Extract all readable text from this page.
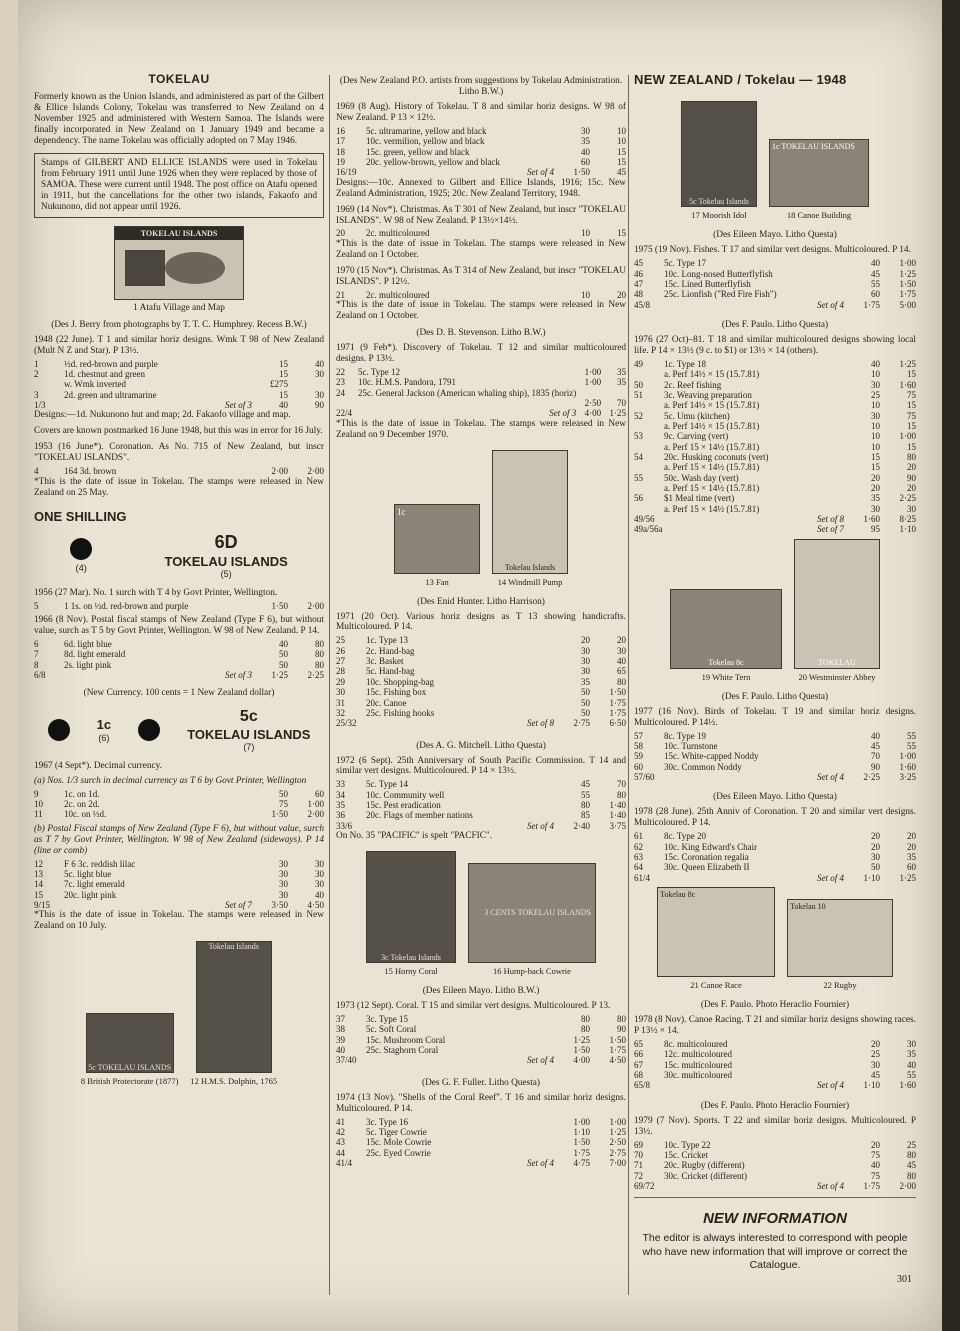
TOKELAU

Formerly known as the Union Islands, and administered as part of the Gilbert & Ellice Islands Colony, Tokelau was transferred to New Zealand on 4 November 1925 and administered with Western Samoa. The Islands were finally incorporated in New Zealand on 1 January 1949 and became a dependency. The name Tokelau was officially adopted on 7 May 1946.

Stamps of GILBERT AND ELLICE ISLANDS were used in Tokelau from February 1911 until June 1926 when they were replaced by those of SAMOA. These were current until 1948. The post office on Atafu opened in 1911, but the cancellations for the other two islands, Fakaofo and Nukunono, did not appear until 1926.

TOKELAU ISLANDS
1 Atafu Village and Map
(Des J. Berry from photographs by T. T. C. Humphrey. Recess B.W.)

1948 (22 June). T 1 and similar horiz designs. Wmk T 98 of New Zealand (Mult N Z and Star). P 13½.

1	½d. red-brown and purple	15	40
2	1d. chestnut and green	15	30
	w. Wmk inverted	£275	
3	2d. green and ultramarine	15	30
1/3	Set of 3	40	90

Designs:—1d. Nukunono hut and map; 2d. Fakaofo village and map.

Covers are known postmarked 16 June 1948, but this was in error for 16 July.

1953 (16 June*). Coronation. As No. 715 of New Zealand, but inscr "TOKELAU ISLANDS".

4	164 3d. brown	2·00	2·00

*This is the date of issue in Tokelau. The stamps were released in New Zealand on 25 May.

ONE SHILLING
(4)
6D
TOKELAU ISLANDS
(5)

1956 (27 Mar). No. 1 surch with T 4 by Govt Printer, Wellington.

5	1 1s. on ½d. red-brown and purple	1·50	2·00

1966 (8 Nov). Postal fiscal stamps of New Zealand (Type F 6), but without value, surch as T 5 by Govt Printer, Wellington. W 98 of New Zealand. P 14.

6	6d. light blue	40	80
7	8d. light emerald	50	80
8	2s. light pink	50	80
6/8	Set of 3	1·25	2·25
(New Currency. 100 cents = 1 New Zealand dollar)
1c
(6)
5c
TOKELAU ISLANDS
(7)

1967 (4 Sept*). Decimal currency.

(a) Nos. 1/3 surch in decimal currency as T 6 by Govt Printer, Wellington

9	1c. on 1d.	50	60
10	2c. on 2d.	75	1·00
11	10c. on ½d.	1·50	2·00

(b) Postal Fiscal stamps of New Zealand (Type F 6), but without value, surch as T 7 by Govt Printer, Wellington. W 98 of New Zealand (sideways). P 14 (line or comb)

12	F 6 3c. reddish lilac	30	30
13	5c. light blue	30	30
14	7c. light emerald	30	30
15	20c. light pink	30	40
9/15	Set of 7	3·50	4·50

*This is the date of issue in Tokelau. The stamps were released in New Zealand on 10 July.

5c TOKELAU ISLANDS
8 British Protectorate (1877)
Tokelau Islands
12 H.M.S. Dolphin, 1765
(Des New Zealand P.O. artists from suggestions by Tokelau Administration. Litho B.W.)

1969 (8 Aug). History of Tokelau. T 8 and similar horiz designs. W 98 of New Zealand. P 13 × 12½.

16	5c. ultramarine, yellow and black	30	10
17	10c. vermilion, yellow and black	35	10
18	15c. green, yellow and black	40	15
19	20c. yellow-brown, yellow and black	60	15
16/19	Set of 4	1·50	45

Designs:—10c. Annexed to Gilbert and Ellice Islands, 1916; 15c. New Zealand Administration, 1925; 20c. New Zealand Territory, 1948.

1969 (14 Nov*). Christmas. As T 301 of New Zealand, but inscr "TOKELAU ISLANDS". W 98 of New Zealand. P 13½×14½.

20	2c. multicoloured	10	15

*This is the date of issue in Tokelau. The stamps were released in New Zealand on 1 October.

1970 (15 Nov*). Christmas. As T 314 of New Zealand, but inscr "TOKELAU ISLANDS". P 12½.

21	2c. multicoloured	10	20

*This is the date of issue in Tokelau. The stamps were released in New Zealand on 1 October.

(Des D. B. Stevenson. Litho B.W.)

1971 (9 Feb*). Discovery of Tokelau. T 12 and similar multicoloured designs. P 13½.

22	5c. Type 12	1·00	35
23	10c. H.M.S. Pandora, 1791	1·00	35
24	25c. General Jackson (American whaling ship), 1835 (horiz)		
		2·50	70
22/4	Set of 3	4·00	1·25

*This is the date of issue in Tokelau. The stamps were released in New Zealand on 9 December 1970.

1c
13 Fan
Tokelau Islands
14 Windmill Pump
(Des Enid Hunter. Litho Harrison)

1971 (20 Oct). Various horiz designs as T 13 showing handicrafts. Multicoloured. P 14.

25	1c. Type 13	20	20
26	2c. Hand-bag	30	30
27	3c. Basket	30	40
28	5c. Hand-bag	30	65
29	10c. Shopping-bag	35	80
30	15c. Fishing box	50	1·50
31	20c. Canoe	50	1·75
32	25c. Fishing hooks	50	1·75
25/32	Set of 8	2·75	6·50
(Des A. G. Mitchell. Litho Questa)

1972 (6 Sept). 25th Anniversary of South Pacific Commission. T 14 and similar vert designs. Multicoloured. P 14 × 13½.

33	5c. Type 14	45	70
34	10c. Community well	55	80
35	15c. Pest eradication	80	1·40
36	20c. Flags of member nations	85	1·40
33/6	Set of 4	2·40	3·75

On No. 35 "PACIFIC" is spelt "PACFIC".

3c Tokelau Islands
15 Horny Coral
3 CENTS TOKELAU ISLANDS
16 Hump-back Cowrie
(Des Eileen Mayo. Litho B.W.)

1973 (12 Sept). Coral. T 15 and similar vert designs. Multicoloured. P 13.

37	3c. Type 15	80	80
38	5c. Soft Coral	80	90
39	15c. Mushroom Coral	1·25	1·50
40	25c. Staghorn Coral	1·50	1·75
37/40	Set of 4	4·00	4·50
(Des G. F. Fuller. Litho Questa)

1974 (13 Nov). "Shells of the Coral Reef". T 16 and similar horiz designs. Multicoloured. P 14.

41	3c. Type 16	1·00	1·00
42	5c. Tiger Cowrie	1·10	1·25
43	15c. Mole Cowrie	1·50	2·50
44	25c. Eyed Cowrie	1·75	2·75
41/4	Set of 4	4·75	7·00
NEW ZEALAND / Tokelau — 1948
5c Tokelau Islands
17 Moorish Idol
1c TOKELAU ISLANDS
18 Canoe Building
(Des Eileen Mayo. Litho Questa)

1975 (19 Nov). Fishes. T 17 and similar vert designs. Multicoloured. P 14.

45	5c. Type 17	40	1·00
46	10c. Long-nosed Butterflyfish	45	1·25
47	15c. Lined Butterflyfish	55	1·50
48	25c. Lionfish ("Red Fire Fish")	60	1·75
45/8	Set of 4	1·75	5·00
(Des F. Paulo. Litho Questa)

1976 (27 Oct)–81. T 18 and similar multicoloured designs showing local life. P 14 × 13½ (9 c. to $1) or 13½ × 14 (others).

49	1c. Type 18	40	1·25
	a. Perf 14½ × 15 (15.7.81)	10	15
50	2c. Reef fishing	30	1·60
51	3c. Weaving preparation	25	75
	a. Perf 14½ × 15 (15.7.81)	10	15
52	5c. Umu (kitchen)	30	75
	a. Perf 14½ × 15 (15.7.81)	10	15
53	9c. Carving (vert)	10	1·00
	a. Perf 15 × 14½ (15.7.81)	10	15
54	20c. Husking coconuts (vert)	15	80
	a. Perf 15 × 14½ (15.7.81)	15	20
55	50c. Wash day (vert)	20	90
	a. Perf 15 × 14½ (15.7.81)	20	20
56	$1 Meal time (vert)	35	2·25
	a. Perf 15 × 14½ (15.7.81)	30	30
49/56	Set of 8	1·60	8·25
49a/56a	Set of 7	95	1·10
Tokelau 8c
19 White Tern
TOKELAU
20 Westminster Abbey
(Des F. Paulo. Litho Questa)

1977 (16 Nov). Birds of Tokelau. T 19 and similar horiz designs. Multicoloured. P 14½.

57	8c. Type 19	40	55
58	10c. Turnstone	45	55
59	15c. White-capped Noddy	70	1·00
60	30c. Common Noddy	90	1·60
57/60	Set of 4	2·25	3·25
(Des Eileen Mayo. Litho Questa)

1978 (28 June). 25th Anniv of Coronation. T 20 and similar vert designs. Multicoloured. P 14.

61	8c. Type 20	20	20
62	10c. King Edward's Chair	20	20
63	15c. Coronation regalia	30	35
64	30c. Queen Elizabeth II	50	60
61/4	Set of 4	1·10	1·25
Tokelau 8c
21 Canoe Race
Tokelau 10
22 Rugby
(Des F. Paulo. Photo Heraclio Fournier)

1978 (8 Nov). Canoe Racing. T 21 and similar horiz designs showing races. P 13½ × 14.

65	8c. multicoloured	20	30
66	12c. multicoloured	25	35
67	15c. multicoloured	30	40
68	30c. multicoloured	45	55
65/8	Set of 4	1·10	1·60
(Des F. Paulo. Photo Heraclio Fournier)

1979 (7 Nov). Sports. T 22 and similar horiz designs. Multicoloured. P 13½.

69	10c. Type 22	20	25
70	15c. Cricket	75	80
71	20c. Rugby (different)	40	45
72	30c. Cricket (different)	75	80
69/72	Set of 4	1·75	2·00
NEW INFORMATION
The editor is always interested to correspond with people who have new information that will improve or correct the Catalogue.
301
